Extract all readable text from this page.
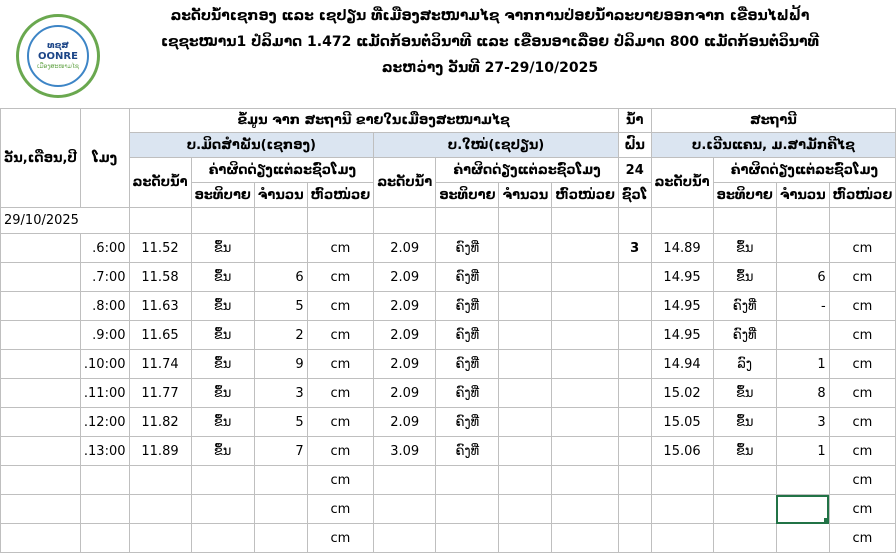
ທຊສ
OONRE
ເມືອງສະໜາມໄຊ
ລະດັບນ້ຳເຊກອງ ແລະ ເຊປຽນ ທີ່ເມືອງສະໜາມໄຊ ຈາກການປ່ອຍນ້ຳລະບາຍອອກຈາກ ເຂື່ອນໄຟຟ້າ
ເຊຊະໝານ1 ປໍລິມາດ 1.472 ແມັດກ້ອນຕໍ່ວິນາທີ ແລະ ເຂື່ອນອາເລື່ອຍ ປໍລິມາດ 800 ແມັດກ້ອນຕໍ່ວິນາທີ
ລະຫວ່າງ ວັນທີ 27-29/10/2025
ວັນ,ເດືອນ,ປີ	ໂມງ	ຂໍ້ມູນ ຈາກ ສະຖານີ ຂາຍໃນເມືອງສະໜາມໄຊ								ນ້ຳ	ສະຖານີ			
		ບ.ມິດສຳພັນ(ເຊກອງ)				ບ.ໃໝ່(ເຊປຽນ)				ຝົນ	ບ.ເວີນແຄນ, ມ.ສາມັກຄີໄຊ			
		ລະດັບນ້ຳ	ຄ່າຜິດດ່ຽງແຕ່ລະຊົ່ວໂມງ			ລະດັບນ້ຳ	ຄ່າຜິດດ່ຽງແຕ່ລະຊົ່ວໂມງ			24	ລະດັບນ້ຳ	ຄ່າຜິດດ່ຽງແຕ່ລະຊົ່ວໂມງ		
			ອະທິບາຍ	ຈຳນວນ	ຫົວໜ່ວຍ		ອະທິບາຍ	ຈຳນວນ	ຫົວໜ່ວຍ	ຊົ່ວໂ		ອະທິບາຍ	ຈຳນວນ	ຫົວໜ່ວຍ
29/10/2025														
	.6:00	11.52	ຂຶ້ນ		cm	2.09	ຄົງທີ່			3	14.89	ຂຶ້ນ		cm
	.7:00	11.58	ຂຶ້ນ	6	cm	2.09	ຄົງທີ່				14.95	ຂຶ້ນ	6	cm
	.8:00	11.63	ຂຶ້ນ	5	cm	2.09	ຄົງທີ່				14.95	ຄົງທີ່	-	cm
	.9:00	11.65	ຂຶ້ນ	2	cm	2.09	ຄົງທີ່				14.95	ຄົງທີ່		cm
	.10:00	11.74	ຂຶ້ນ	9	cm	2.09	ຄົງທີ່				14.94	ລົງ	1	cm
	.11:00	11.77	ຂຶ້ນ	3	cm	2.09	ຄົງທີ່				15.02	ຂຶ້ນ	8	cm
	.12:00	11.82	ຂຶ້ນ	5	cm	2.09	ຄົງທີ່				15.05	ຂຶ້ນ	3	cm
	.13:00	11.89	ຂຶ້ນ	7	cm	3.09	ຄົງທີ່				15.06	ຂຶ້ນ	1	cm
					cm									cm
					cm									cm
					cm									cm
